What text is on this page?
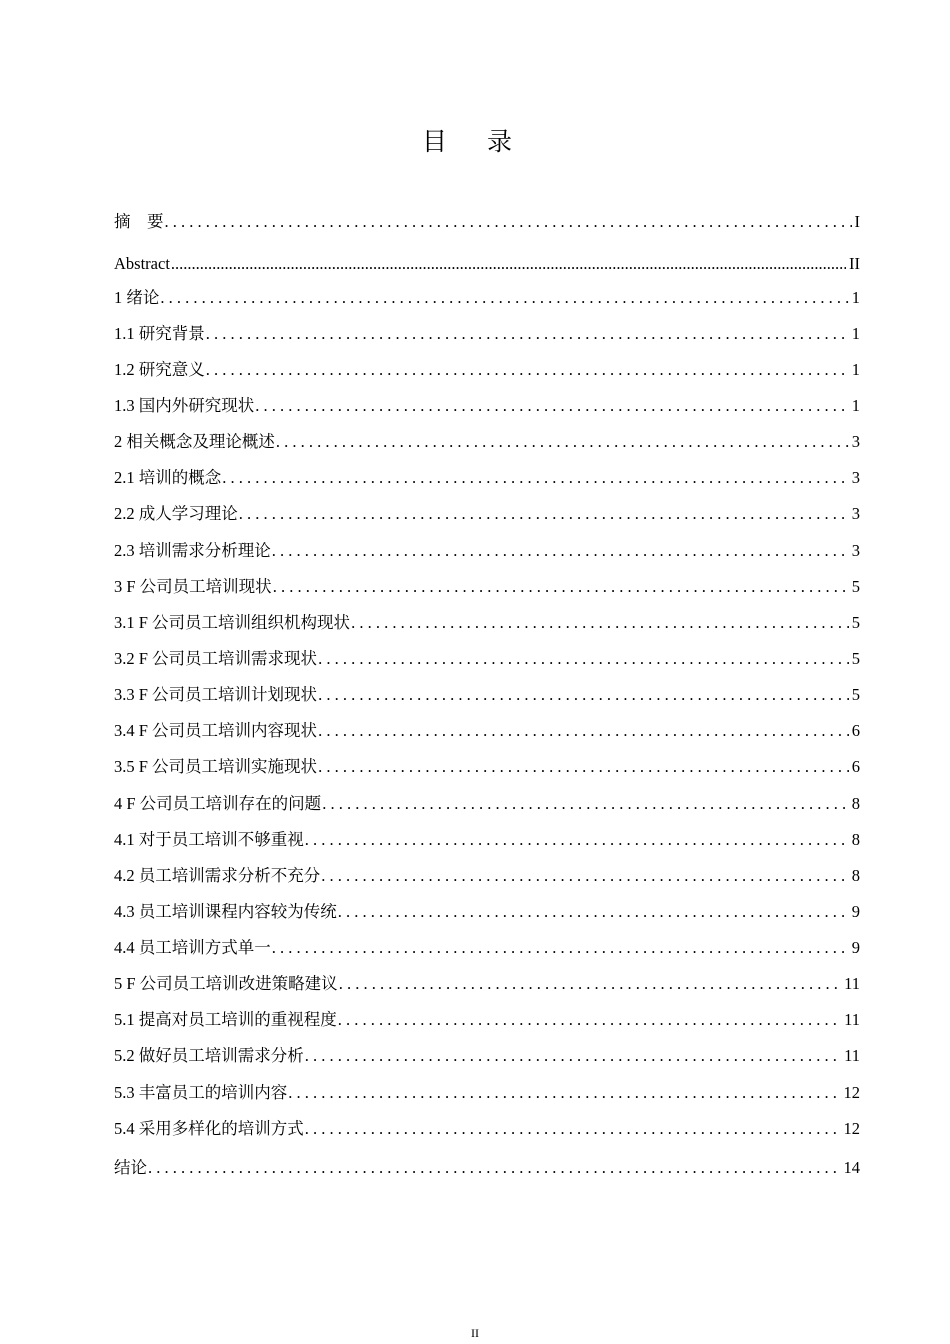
目 录
摘　要 . . .	I
Abstract .....	II
1 绪论 . . .	1
1.1 研究背景 . . .	1
1.2 研究意义 . . .	1
1.3 国内外研究现状 . . .	1
2 相关概念及理论概述 . . .	3
2.1 培训的概念 . . .	3
2.2 成人学习理论 . . .	3
2.3 培训需求分析理论 . . .	3
3 F 公司员工培训现状 . . .	5
3.1 F 公司员工培训组织机构现状 . . .	5
3.2 F 公司员工培训需求现状 . . .	5
3.3 F 公司员工培训计划现状 . . .	5
3.4 F 公司员工培训内容现状 . . .	6
3.5 F 公司员工培训实施现状 . . .	6
4 F 公司员工培训存在的问题 . . .	8
4.1 对于员工培训不够重视 . . .	8
4.2 员工培训需求分析不充分 . . .	8
4.3 员工培训课程内容较为传统 . . .	9
4.4 员工培训方式单一 . . .	9
5 F 公司员工培训改进策略建议 . . .	11
5.1 提高对员工培训的重视程度 . . .	11
5.2 做好员工培训需求分析 . . .	11
5.3 丰富员工的培训内容 . . .	12
5.4 采用多样化的培训方式 . . .	12
结论 . . .	14
II
